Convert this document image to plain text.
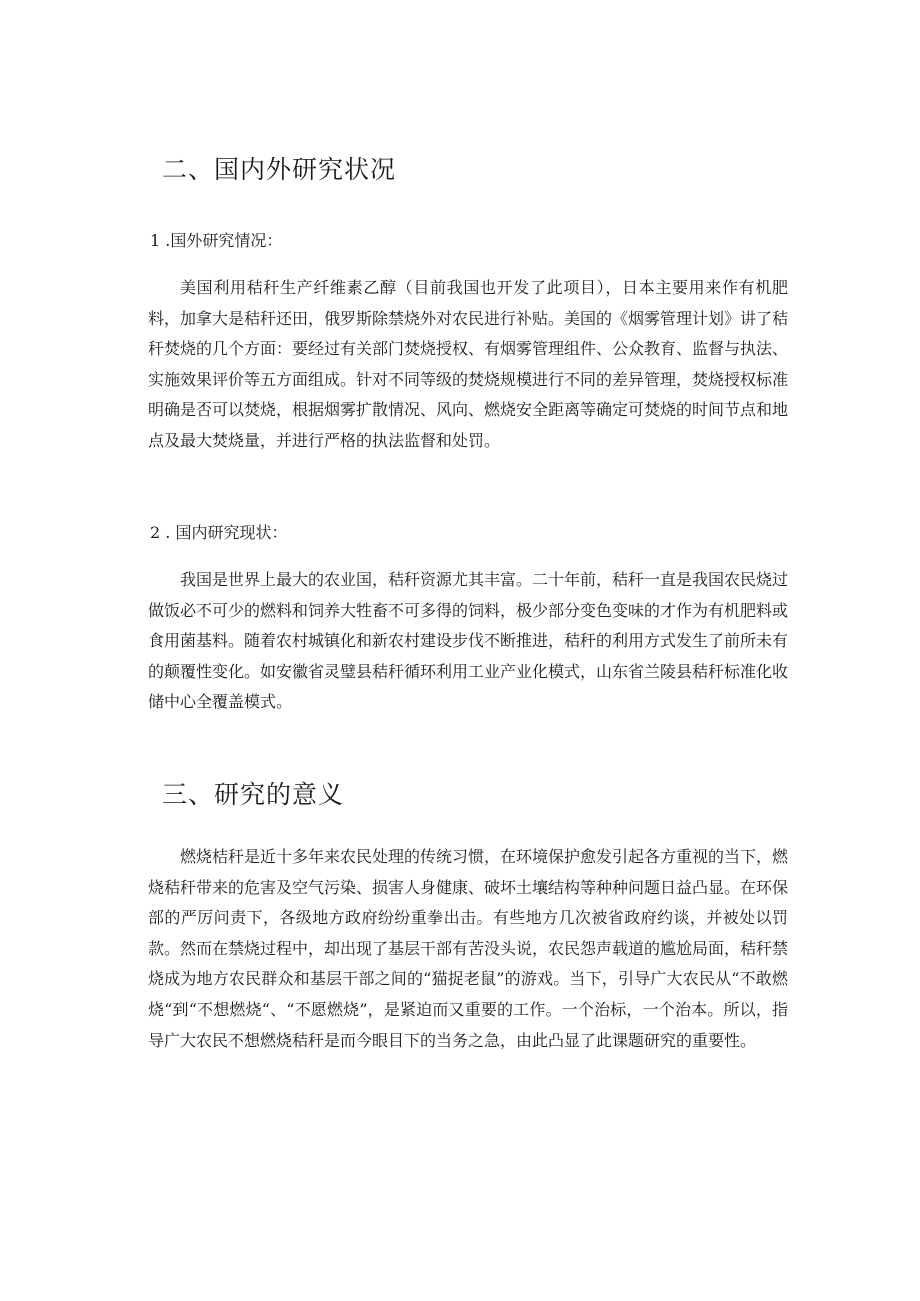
二、国内外研究状况

1 .国外研究情况：

美国利用秸秆生产纤维素乙醇（目前我国也开发了此项目），日本主要用来作有机肥料，加拿大是秸秆还田，俄罗斯除禁烧外对农民进行补贴。美国的《烟雾管理计划》讲了秸秆焚烧的几个方面：要经过有关部门焚烧授权、有烟雾管理组件、公众教育、监督与执法、实施效果评价等五方面组成。针对不同等级的焚烧规模进行不同的差异管理，焚烧授权标准明确是否可以焚烧，根据烟雾扩散情况、风向、燃烧安全距离等确定可焚烧的时间节点和地点及最大焚烧量，并进行严格的执法监督和处罚。

2 . 国内研究现状：

我国是世界上最大的农业国，秸秆资源尤其丰富。二十年前，秸秆一直是我国农民烧过做饭必不可少的燃料和饲养大牲畜不可多得的饲料，极少部分变色变味的才作为有机肥料或食用菌基料。随着农村城镇化和新农村建设步伐不断推进，秸秆的利用方式发生了前所未有的颠覆性变化。如安徽省灵璧县秸秆循环利用工业产业化模式，山东省兰陵县秸秆标准化收储中心全覆盖模式。

三、研究的意义

燃烧桔秆是近十多年来农民处理的传统习惯，在环境保护愈发引起各方重视的当下，燃烧秸秆带来的危害及空气污染、损害人身健康、破坏土壤结构等种种问题日益凸显。在环保部的严厉问责下，各级地方政府纷纷重拳出击。有些地方几次被省政府约谈，并被处以罚款。然而在禁烧过程中，却出现了基层干部有苦没头说，农民怨声载道的尴尬局面，秸秆禁烧成为地方农民群众和基层干部之间的“猫捉老鼠”的游戏。当下，引导广大农民从“不敢燃烧“到“不想燃烧“、“不愿燃烧”，是紧迫而又重要的工作。一个治标，一个治本。所以，指导广大农民不想燃烧秸秆是而今眼目下的当务之急，由此凸显了此课题研究的重要性。
